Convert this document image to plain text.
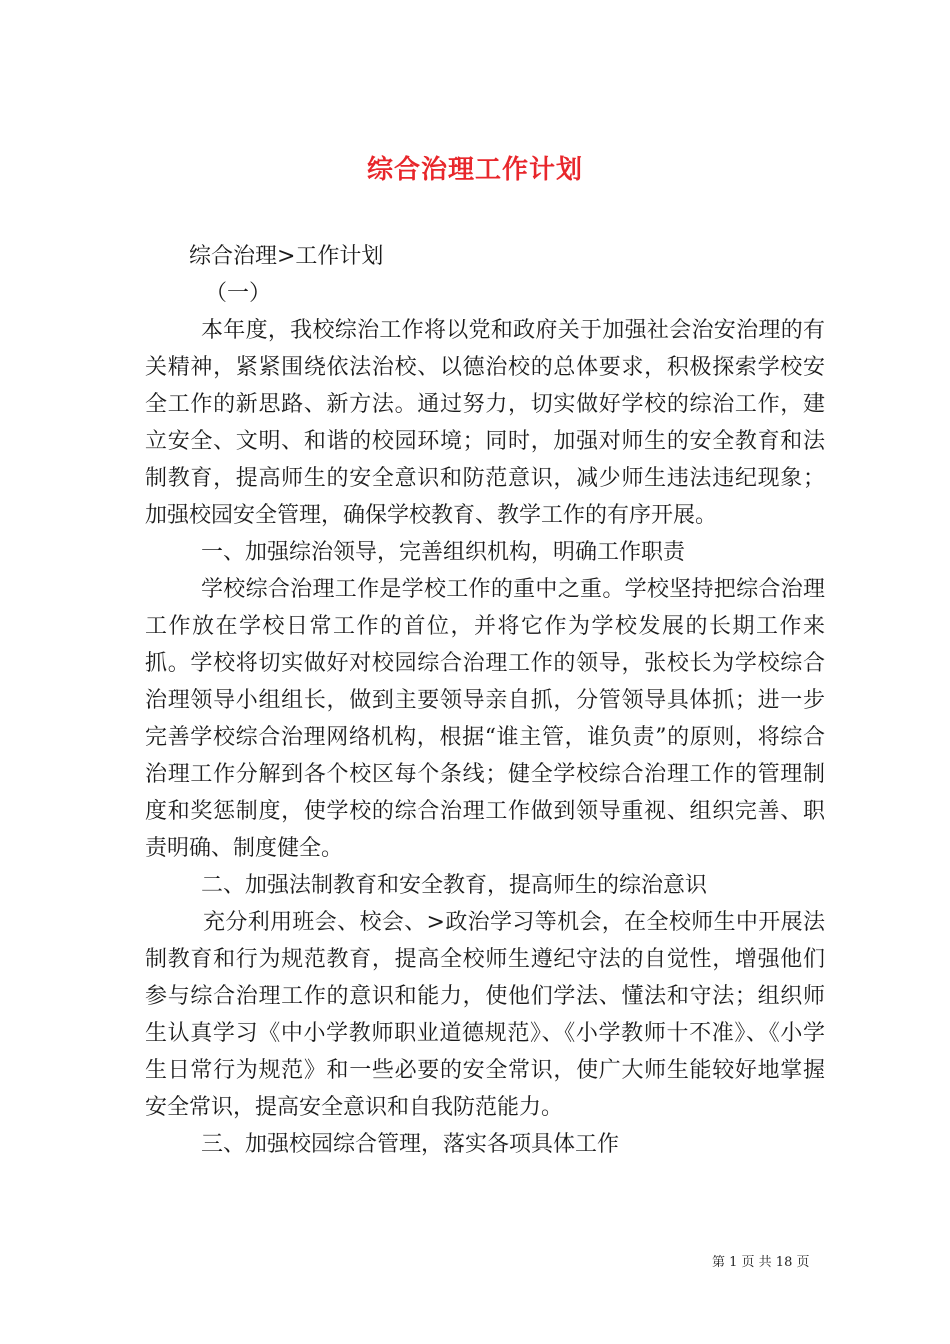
综合治理工作计划

综合治理>工作计划

（一）

本年度，我校综治工作将以党和政府关于加强社会治安治理的有关精神，紧紧围绕依法治校、以德治校的总体要求，积极探索学校安全工作的新思路、新方法。通过努力，切实做好学校的综治工作，建立安全、文明、和谐的校园环境；同时，加强对师生的安全教育和法制教育，提高师生的安全意识和防范意识，减少师生违法违纪现象；加强校园安全管理，确保学校教育、教学工作的有序开展。

一、加强综治领导，完善组织机构，明确工作职责

学校综合治理工作是学校工作的重中之重。学校坚持把综合治理工作放在学校日常工作的首位，并将它作为学校发展的长期工作来抓。学校将切实做好对校园综合治理工作的领导，张校长为学校综合治理领导小组组长，做到主要领导亲自抓，分管领导具体抓；进一步完善学校综合治理网络机构，根据“谁主管，谁负责”的原则，将综合治理工作分解到各个校区每个条线；健全学校综合治理工作的管理制度和奖惩制度，使学校的综合治理工作做到领导重视、组织完善、职责明确、制度健全。

二、加强法制教育和安全教育，提高师生的综治意识

充分利用班会、校会、>政治学习等机会，在全校师生中开展法制教育和行为规范教育，提高全校师生遵纪守法的自觉性，增强他们参与综合治理工作的意识和能力，使他们学法、懂法和守法；组织师生认真学习《中小学教师职业道德规范》、《小学教师十不准》、《小学生日常行为规范》和一些必要的安全常识，使广大师生能较好地掌握安全常识，提高安全意识和自我防范能力。

三、加强校园综合管理，落实各项具体工作

第 1 页 共 18 页
